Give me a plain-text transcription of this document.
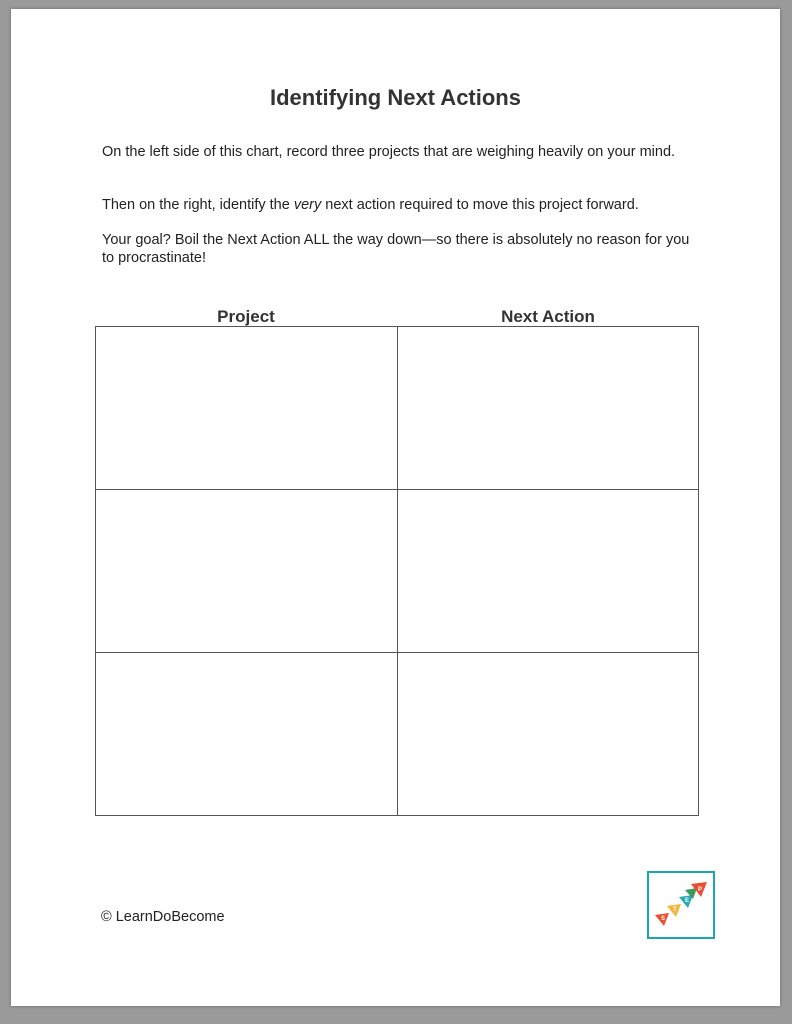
Identifying Next Actions

On the left side of this chart, record three projects that are weighing heavily on your mind.

Then on the right, identify the very next action required to move this project forward.

Your goal? Boil the Next Action ALL the way down—so there is absolutely no reason for you to procrastinate!

Project	Next Action

© LearnDoBecome	S
T
E
P
